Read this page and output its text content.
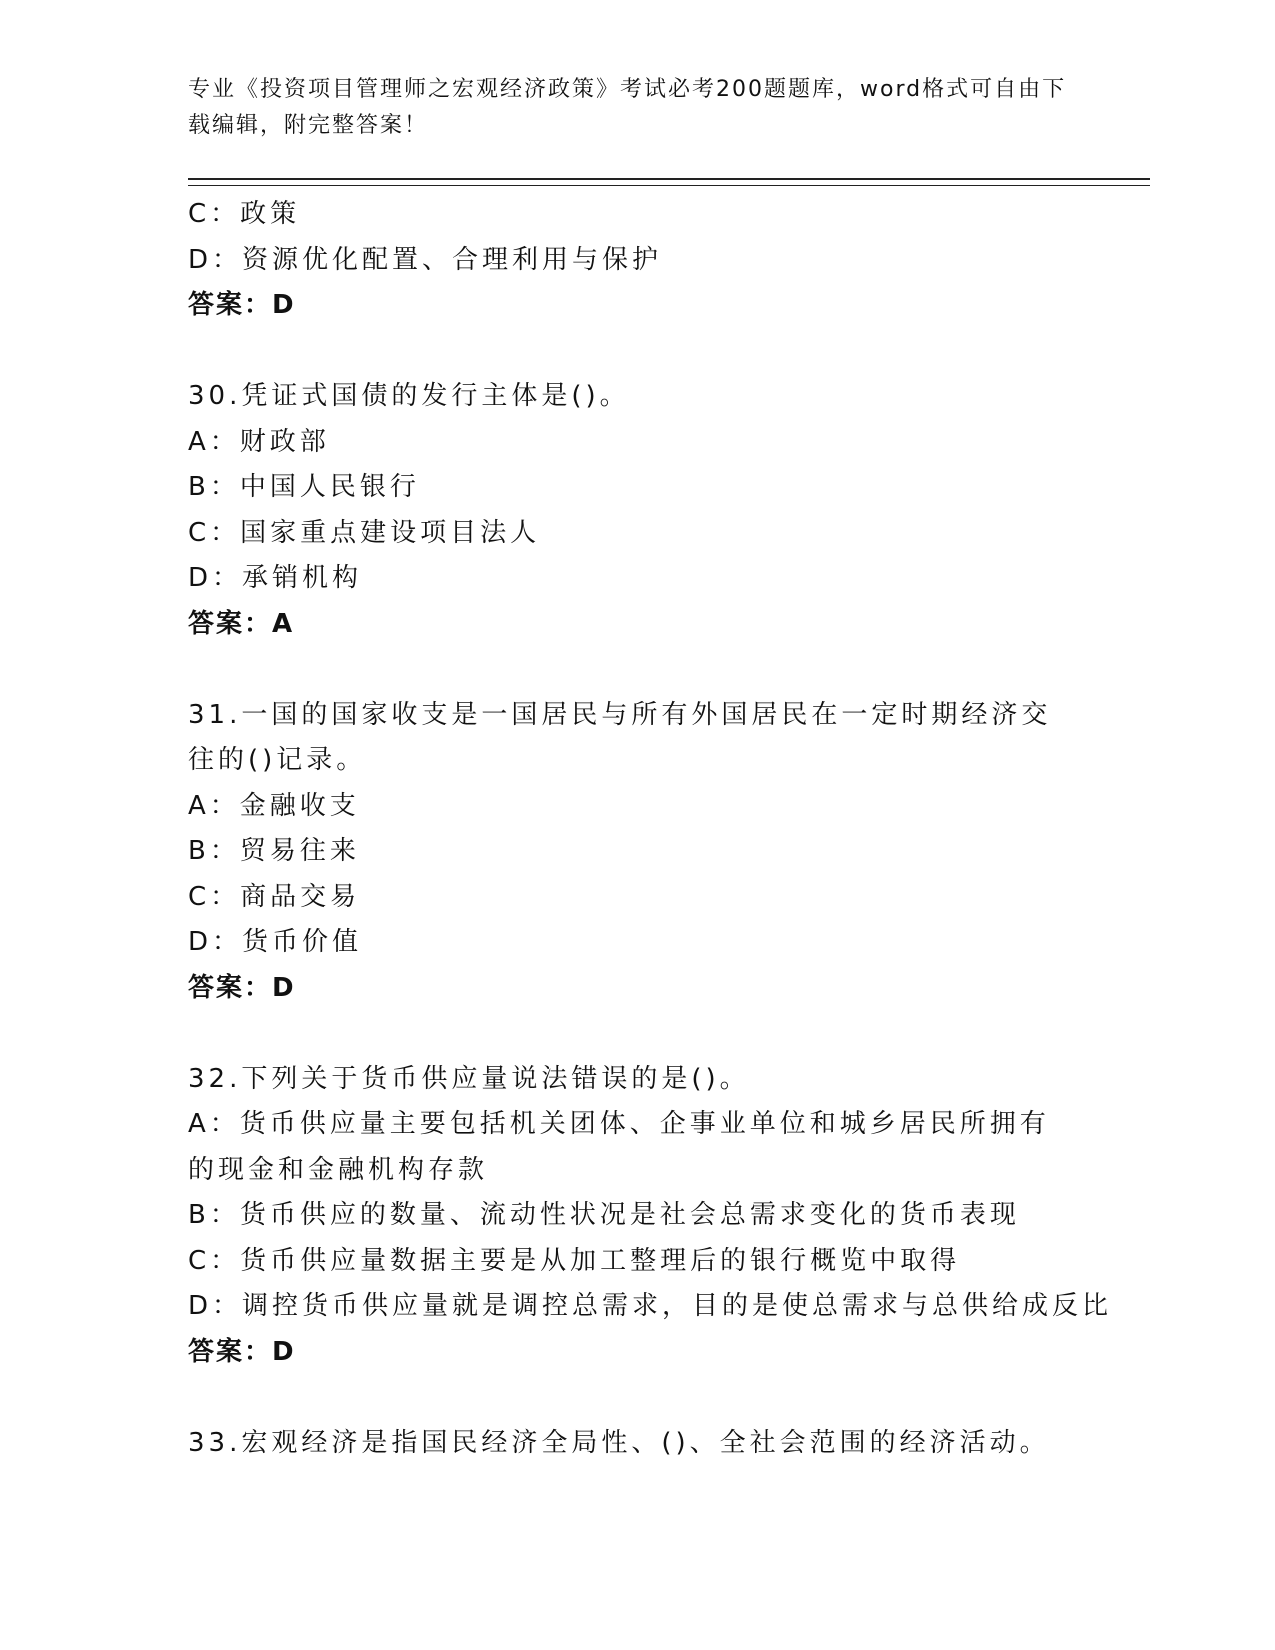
专业《投资项目管理师之宏观经济政策》考试必考200题题库，word格式可自由下载编辑，附完整答案！
C：政策
D：资源优化配置、合理利用与保护
答案：D
30.凭证式国债的发行主体是()。
A：财政部
B：中国人民银行
C：国家重点建设项目法人
D：承销机构
答案：A
31.一国的国家收支是一国居民与所有外国居民在一定时期经济交往的()记录。
A：金融收支
B：贸易往来
C：商品交易
D：货币价值
答案：D
32.下列关于货币供应量说法错误的是()。
A：货币供应量主要包括机关团体、企事业单位和城乡居民所拥有的现金和金融机构存款
B：货币供应的数量、流动性状况是社会总需求变化的货币表现
C：货币供应量数据主要是从加工整理后的银行概览中取得
D：调控货币供应量就是调控总需求，目的是使总需求与总供给成反比
答案：D
33.宏观经济是指国民经济全局性、()、全社会范围的经济活动。
